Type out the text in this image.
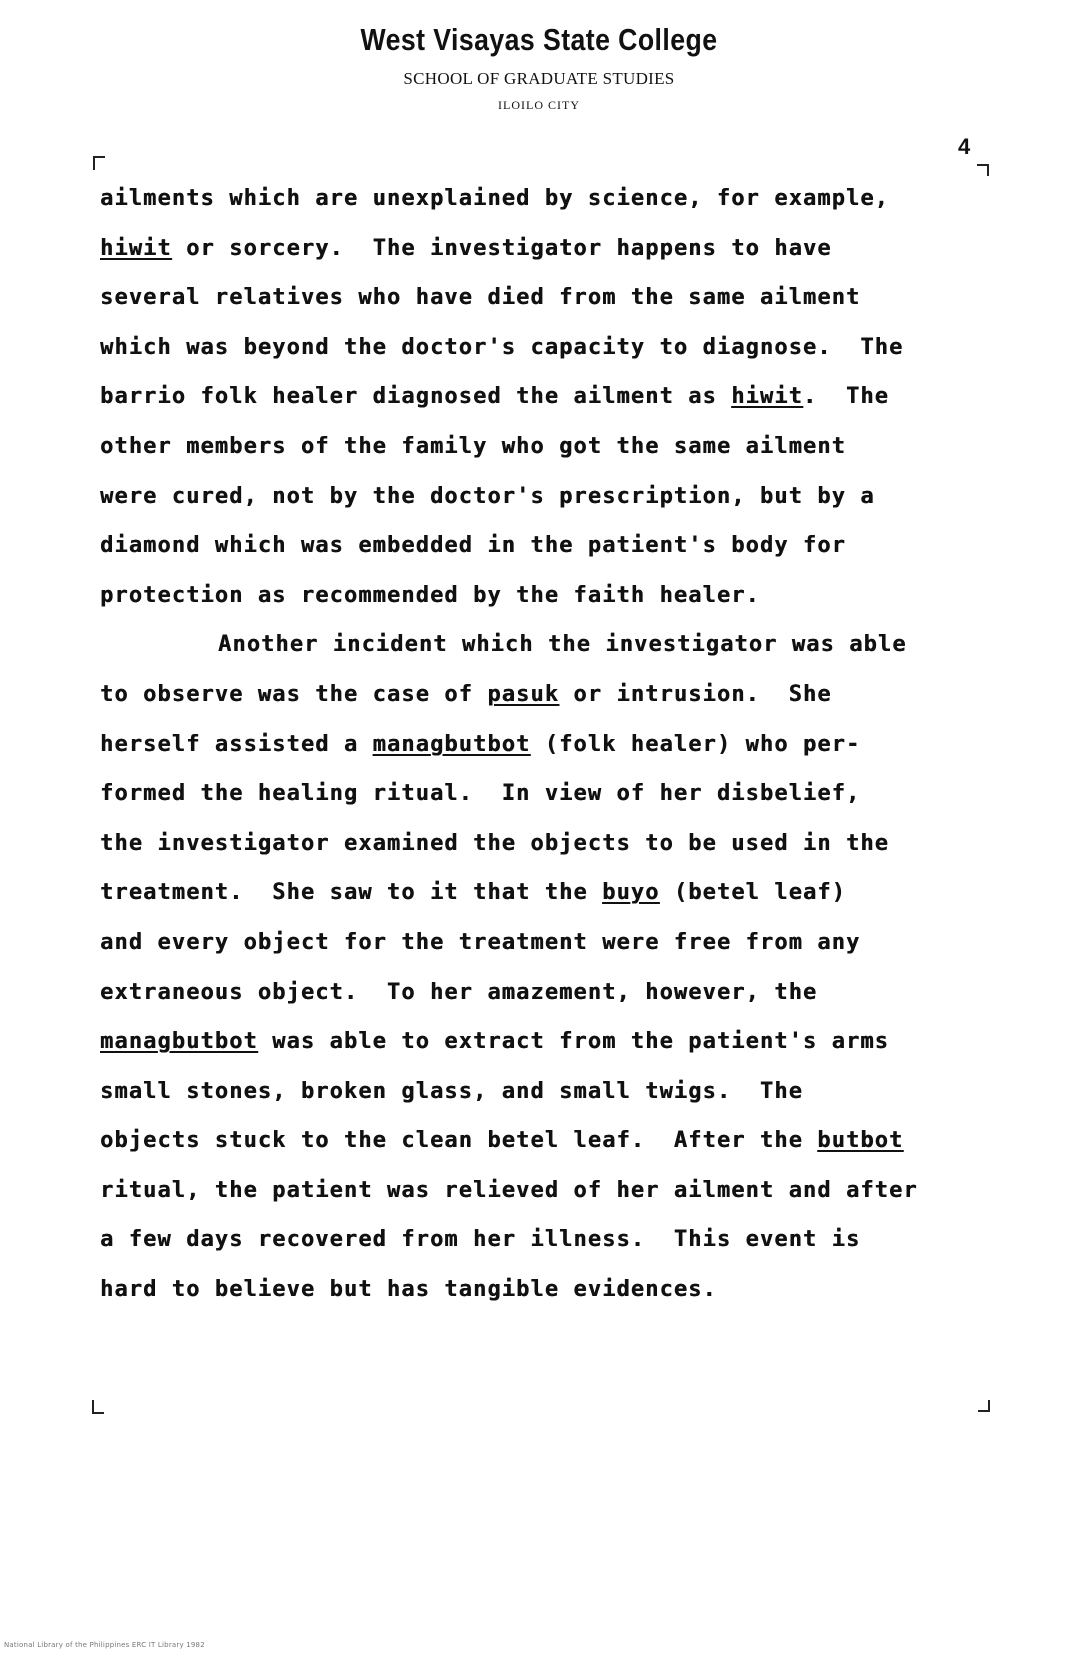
West Visayas State College
SCHOOL OF GRADUATE STUDIES
ILOILO CITY
4
ailments which are unexplained by science, for example,
hiwit or sorcery.  The investigator happens to have
several relatives who have died from the same ailment
which was beyond the doctor's capacity to diagnose.  The
barrio folk healer diagnosed the ailment as hiwit.  The
other members of the family who got the same ailment
were cured, not by the doctor's prescription, but by a
diamond which was embedded in the patient's body for
protection as recommended by the faith healer.
Another incident which the investigator was able
to observe was the case of pasuk or intrusion.  She
herself assisted a managbutbot (folk healer) who per-
formed the healing ritual.  In view of her disbelief,
the investigator examined the objects to be used in the
treatment.  She saw to it that the buyo (betel leaf)
and every object for the treatment were free from any
extraneous object.  To her amazement, however, the
managbutbot was able to extract from the patient's arms
small stones, broken glass, and small twigs.  The
objects stuck to the clean betel leaf.  After the butbot
ritual, the patient was relieved of her ailment and after
a few days recovered from her illness.  This event is
hard to believe but has tangible evidences.
National Library of the Philippines ERC IT Library 1982
